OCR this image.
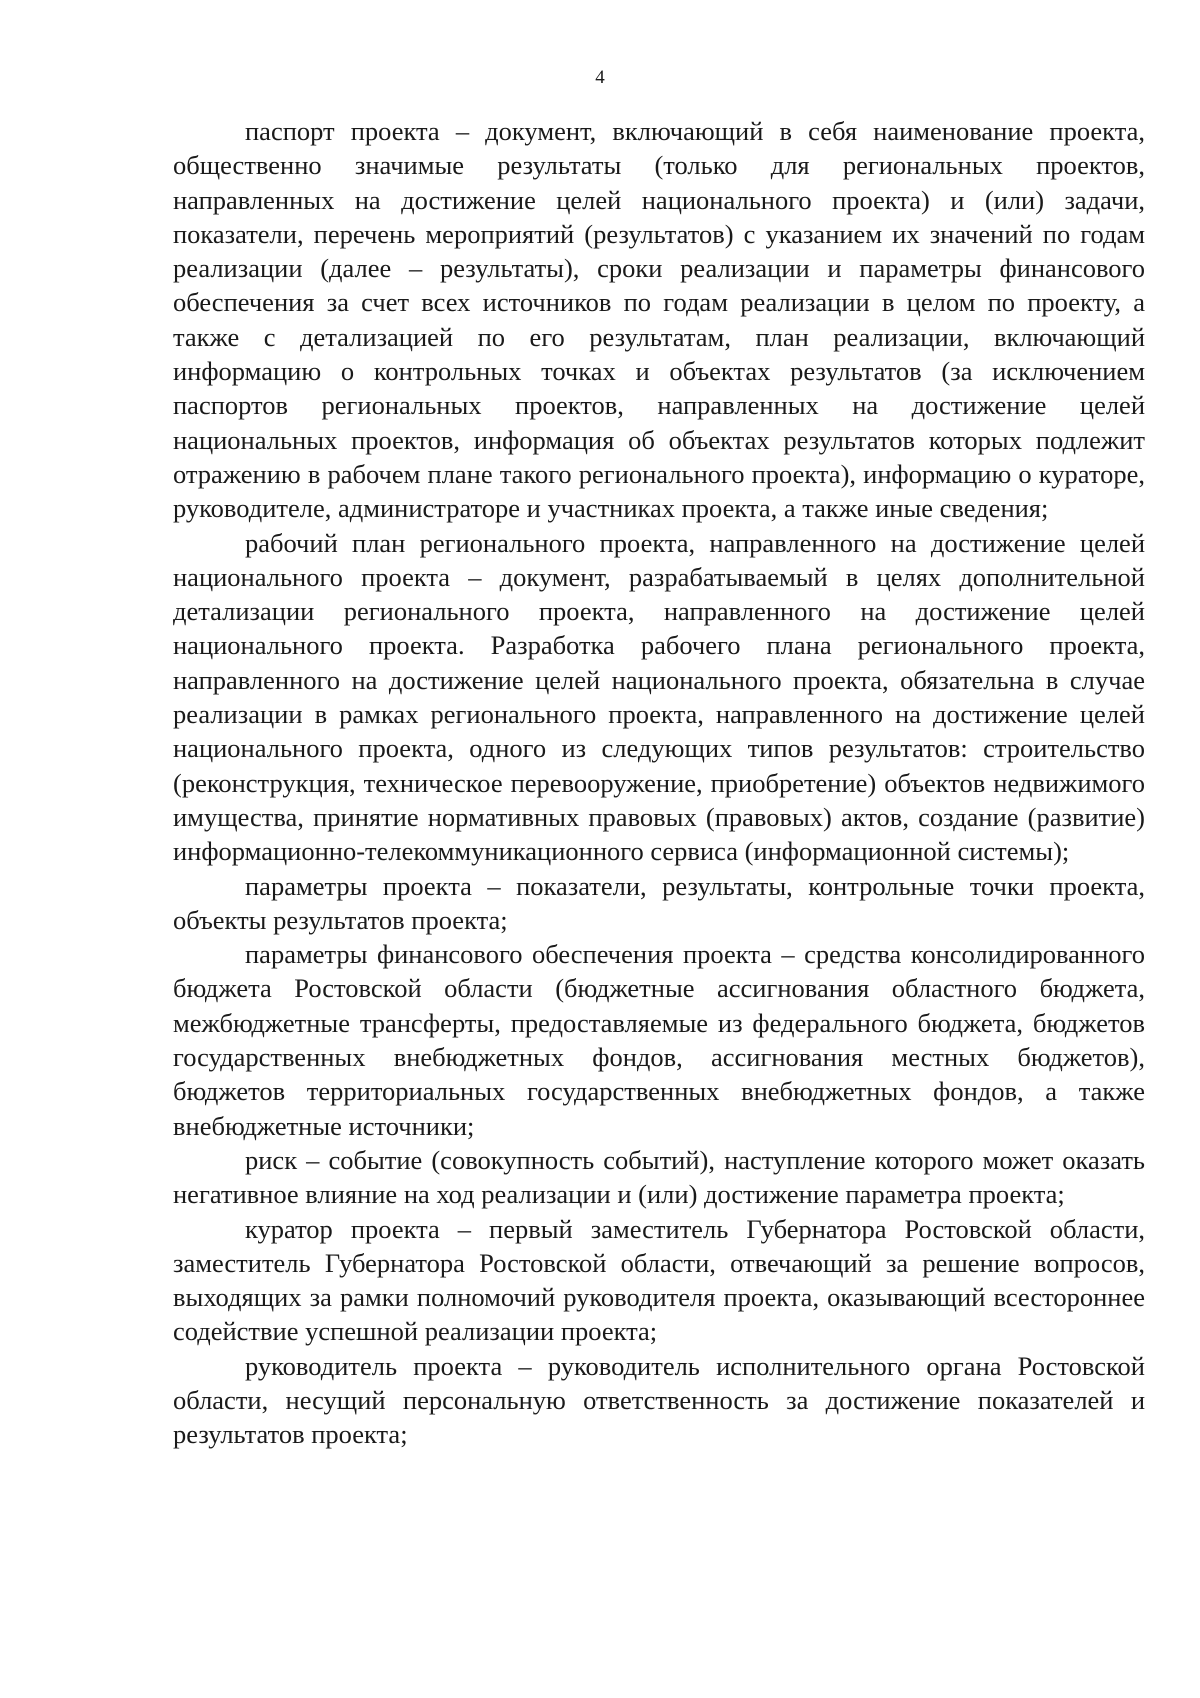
4

паспорт проекта – документ, включающий в себя наименование проекта, общественно значимые результаты (только для региональных проектов, направленных на достижение целей национального проекта) и (или) задачи, показатели, перечень мероприятий (результатов) с указанием их значений по годам реализации (далее – результаты), сроки реализации и параметры финансового обеспечения за счет всех источников по годам реализации в целом по проекту, а также с детализацией по его результатам, план реализации, включающий информацию о контрольных точках и объектах результатов (за исключением паспортов региональных проектов, направленных на достижение целей национальных проектов, информация об объектах результатов которых подлежит отражению в рабочем плане такого регионального проекта), информацию о кураторе, руководителе, администраторе и участниках проекта, а также иные сведения;

рабочий план регионального проекта, направленного на достижение целей национального проекта – документ, разрабатываемый в целях дополнительной детализации регионального проекта, направленного на достижение целей национального проекта. Разработка рабочего плана регионального проекта, направленного на достижение целей национального проекта, обязательна в случае реализации в рамках регионального проекта, направленного на достижение целей национального проекта, одного из следующих типов результатов: строительство (реконструкция, техническое перевооружение, приобретение) объектов недвижимого имущества, принятие нормативных правовых (правовых) актов, создание (развитие) информационно-телекоммуникационного сервиса (информационной системы);

параметры проекта – показатели, результаты, контрольные точки проекта, объекты результатов проекта;

параметры финансового обеспечения проекта – средства консолидированного бюджета Ростовской области (бюджетные ассигнования областного бюджета, межбюджетные трансферты, предоставляемые из федерального бюджета, бюджетов государственных внебюджетных фондов, ассигнования местных бюджетов), бюджетов территориальных государственных внебюджетных фондов, а также внебюджетные источники;

риск – событие (совокупность событий), наступление которого может оказать негативное влияние на ход реализации и (или) достижение параметра проекта;

куратор проекта – первый заместитель Губернатора Ростовской области, заместитель Губернатора Ростовской области, отвечающий за решение вопросов, выходящих за рамки полномочий руководителя проекта, оказывающий всестороннее содействие успешной реализации проекта;

руководитель проекта – руководитель исполнительного органа Ростовской области, несущий персональную ответственность за достижение показателей и результатов проекта;
